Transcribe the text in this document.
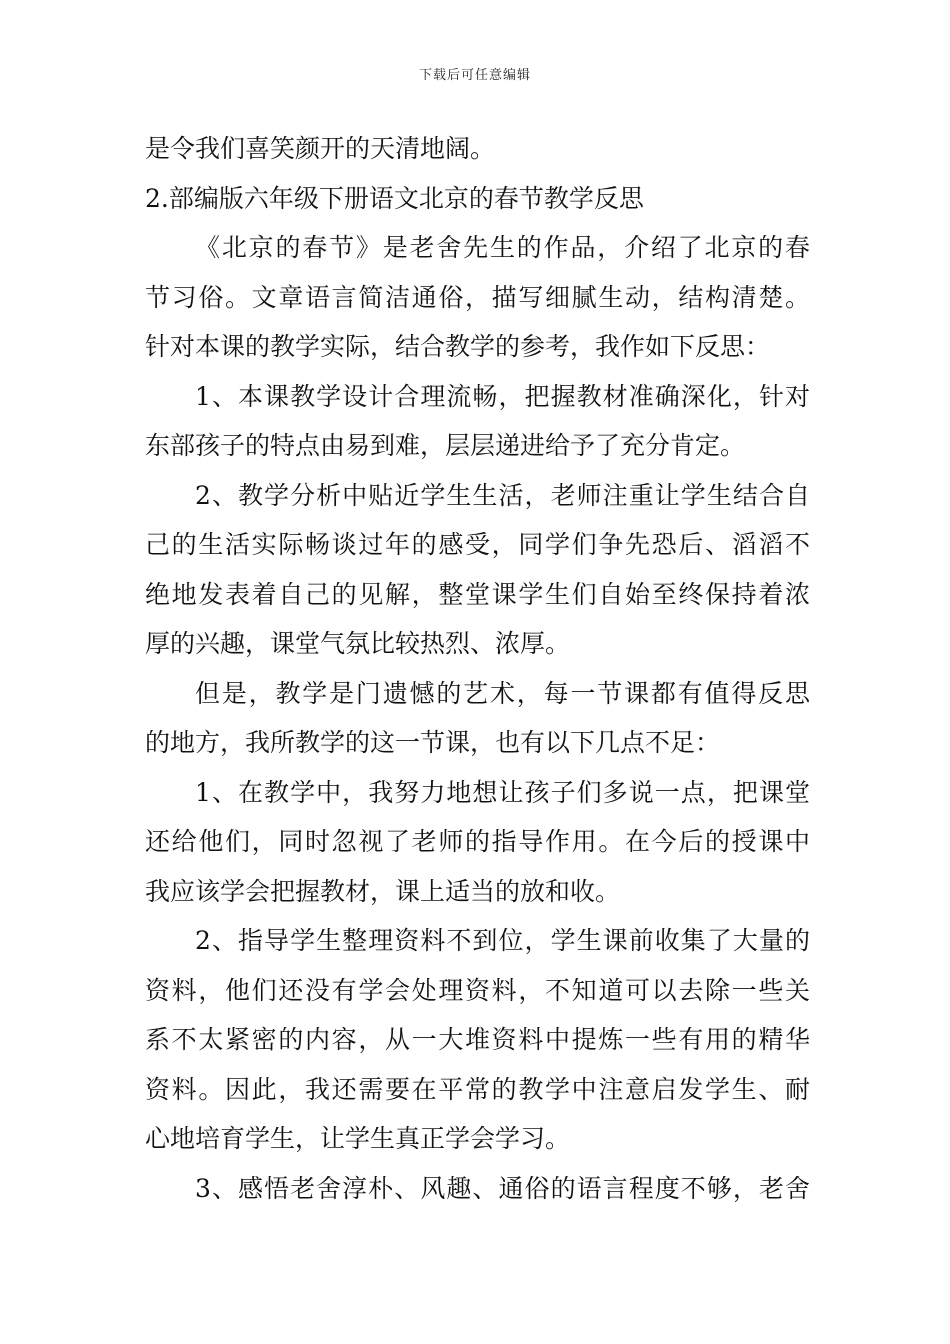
下载后可任意编辑
是令我们喜笑颜开的天清地阔。
2.部编版六年级下册语文北京的春节教学反思
《北京的春节》是老舍先生的作品，介绍了北京的春
节习俗。文章语言简洁通俗，描写细腻生动，结构清楚。
针对本课的教学实际，结合教学的参考，我作如下反思：
1、本课教学设计合理流畅，把握教材准确深化，针对
东部孩子的特点由易到难，层层递进给予了充分肯定。
2、教学分析中贴近学生生活，老师注重让学生结合自
己的生活实际畅谈过年的感受，同学们争先恐后、滔滔不
绝地发表着自己的见解，整堂课学生们自始至终保持着浓
厚的兴趣，课堂气氛比较热烈、浓厚。
但是，教学是门遗憾的艺术，每一节课都有值得反思
的地方，我所教学的这一节课，也有以下几点不足：
1、在教学中，我努力地想让孩子们多说一点，把课堂
还给他们，同时忽视了老师的指导作用。在今后的授课中
我应该学会把握教材，课上适当的放和收。
2、指导学生整理资料不到位，学生课前收集了大量的
资料，他们还没有学会处理资料，不知道可以去除一些关
系不太紧密的内容，从一大堆资料中提炼一些有用的精华
资料。因此，我还需要在平常的教学中注意启发学生、耐
心地培育学生，让学生真正学会学习。
3、感悟老舍淳朴、风趣、通俗的语言程度不够，老舍
